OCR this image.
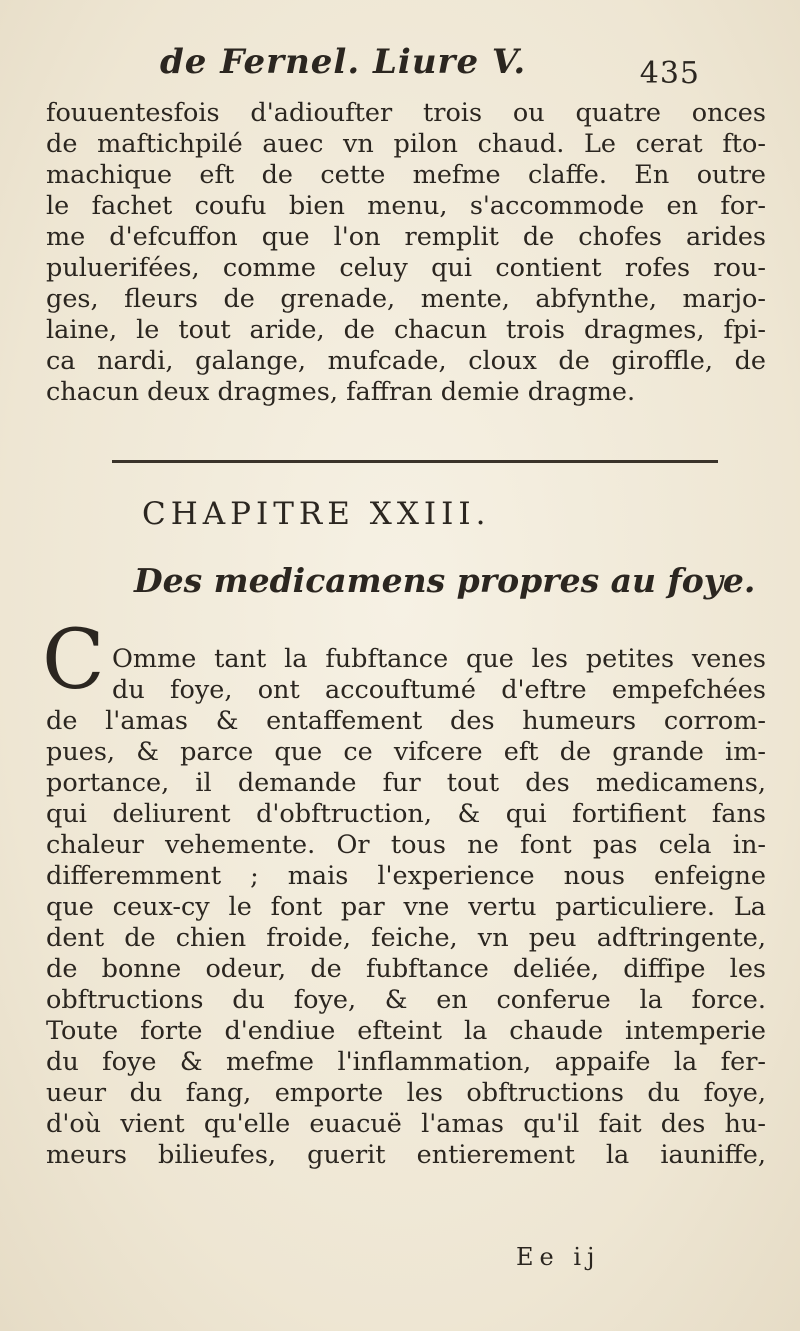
de Fernel. Liure V.	435
fouuentesfois d'adioufter trois ou quatre onces
de maftichpilé auec vn pilon chaud. Le cerat fto-
machique eft de cette mefme claffe. En outre
le fachet coufu bien menu, s'accommode en for-
me d'efcuffon que l'on remplit de chofes arides
puluerifées, comme celuy qui contient rofes rou-
ges, fleurs de grenade, mente, abfynthe, marjo-
laine, le tout aride, de chacun trois dragmes, fpi-
ca nardi, galange, mufcade, cloux de giroffle, de
chacun deux dragmes, faffran demie dragme.
CHAPITRE XXIII.
Des medicamens propres au foye.
C Omme tant la fubftance que les petites venes
du foye, ont accouftumé d'eftre empefchées
de l'amas & entaffement des humeurs corrom-
pues, & parce que ce vifcere eft de grande im-
portance, il demande fur tout des medicamens,
qui deliurent d'obftruction, & qui fortifient fans
chaleur vehemente. Or tous ne font pas cela in-
differemment ; mais l'experience nous enfeigne
que ceux-cy le font par vne vertu particuliere. La
dent de chien froide, feiche, vn peu adftringente,
de bonne odeur, de fubftance deliée, diffipe les
obftructions du foye, & en conferue la force.
Toute forte d'endiue efteint la chaude intemperie
du foye & mefme l'inflammation, appaife la fer-
ueur du fang, emporte les obftructions du foye,
d'où vient qu'elle euacuë l'amas qu'il fait des hu-
meurs bilieufes, guerit entierement la iauniffe,
Ee ij
